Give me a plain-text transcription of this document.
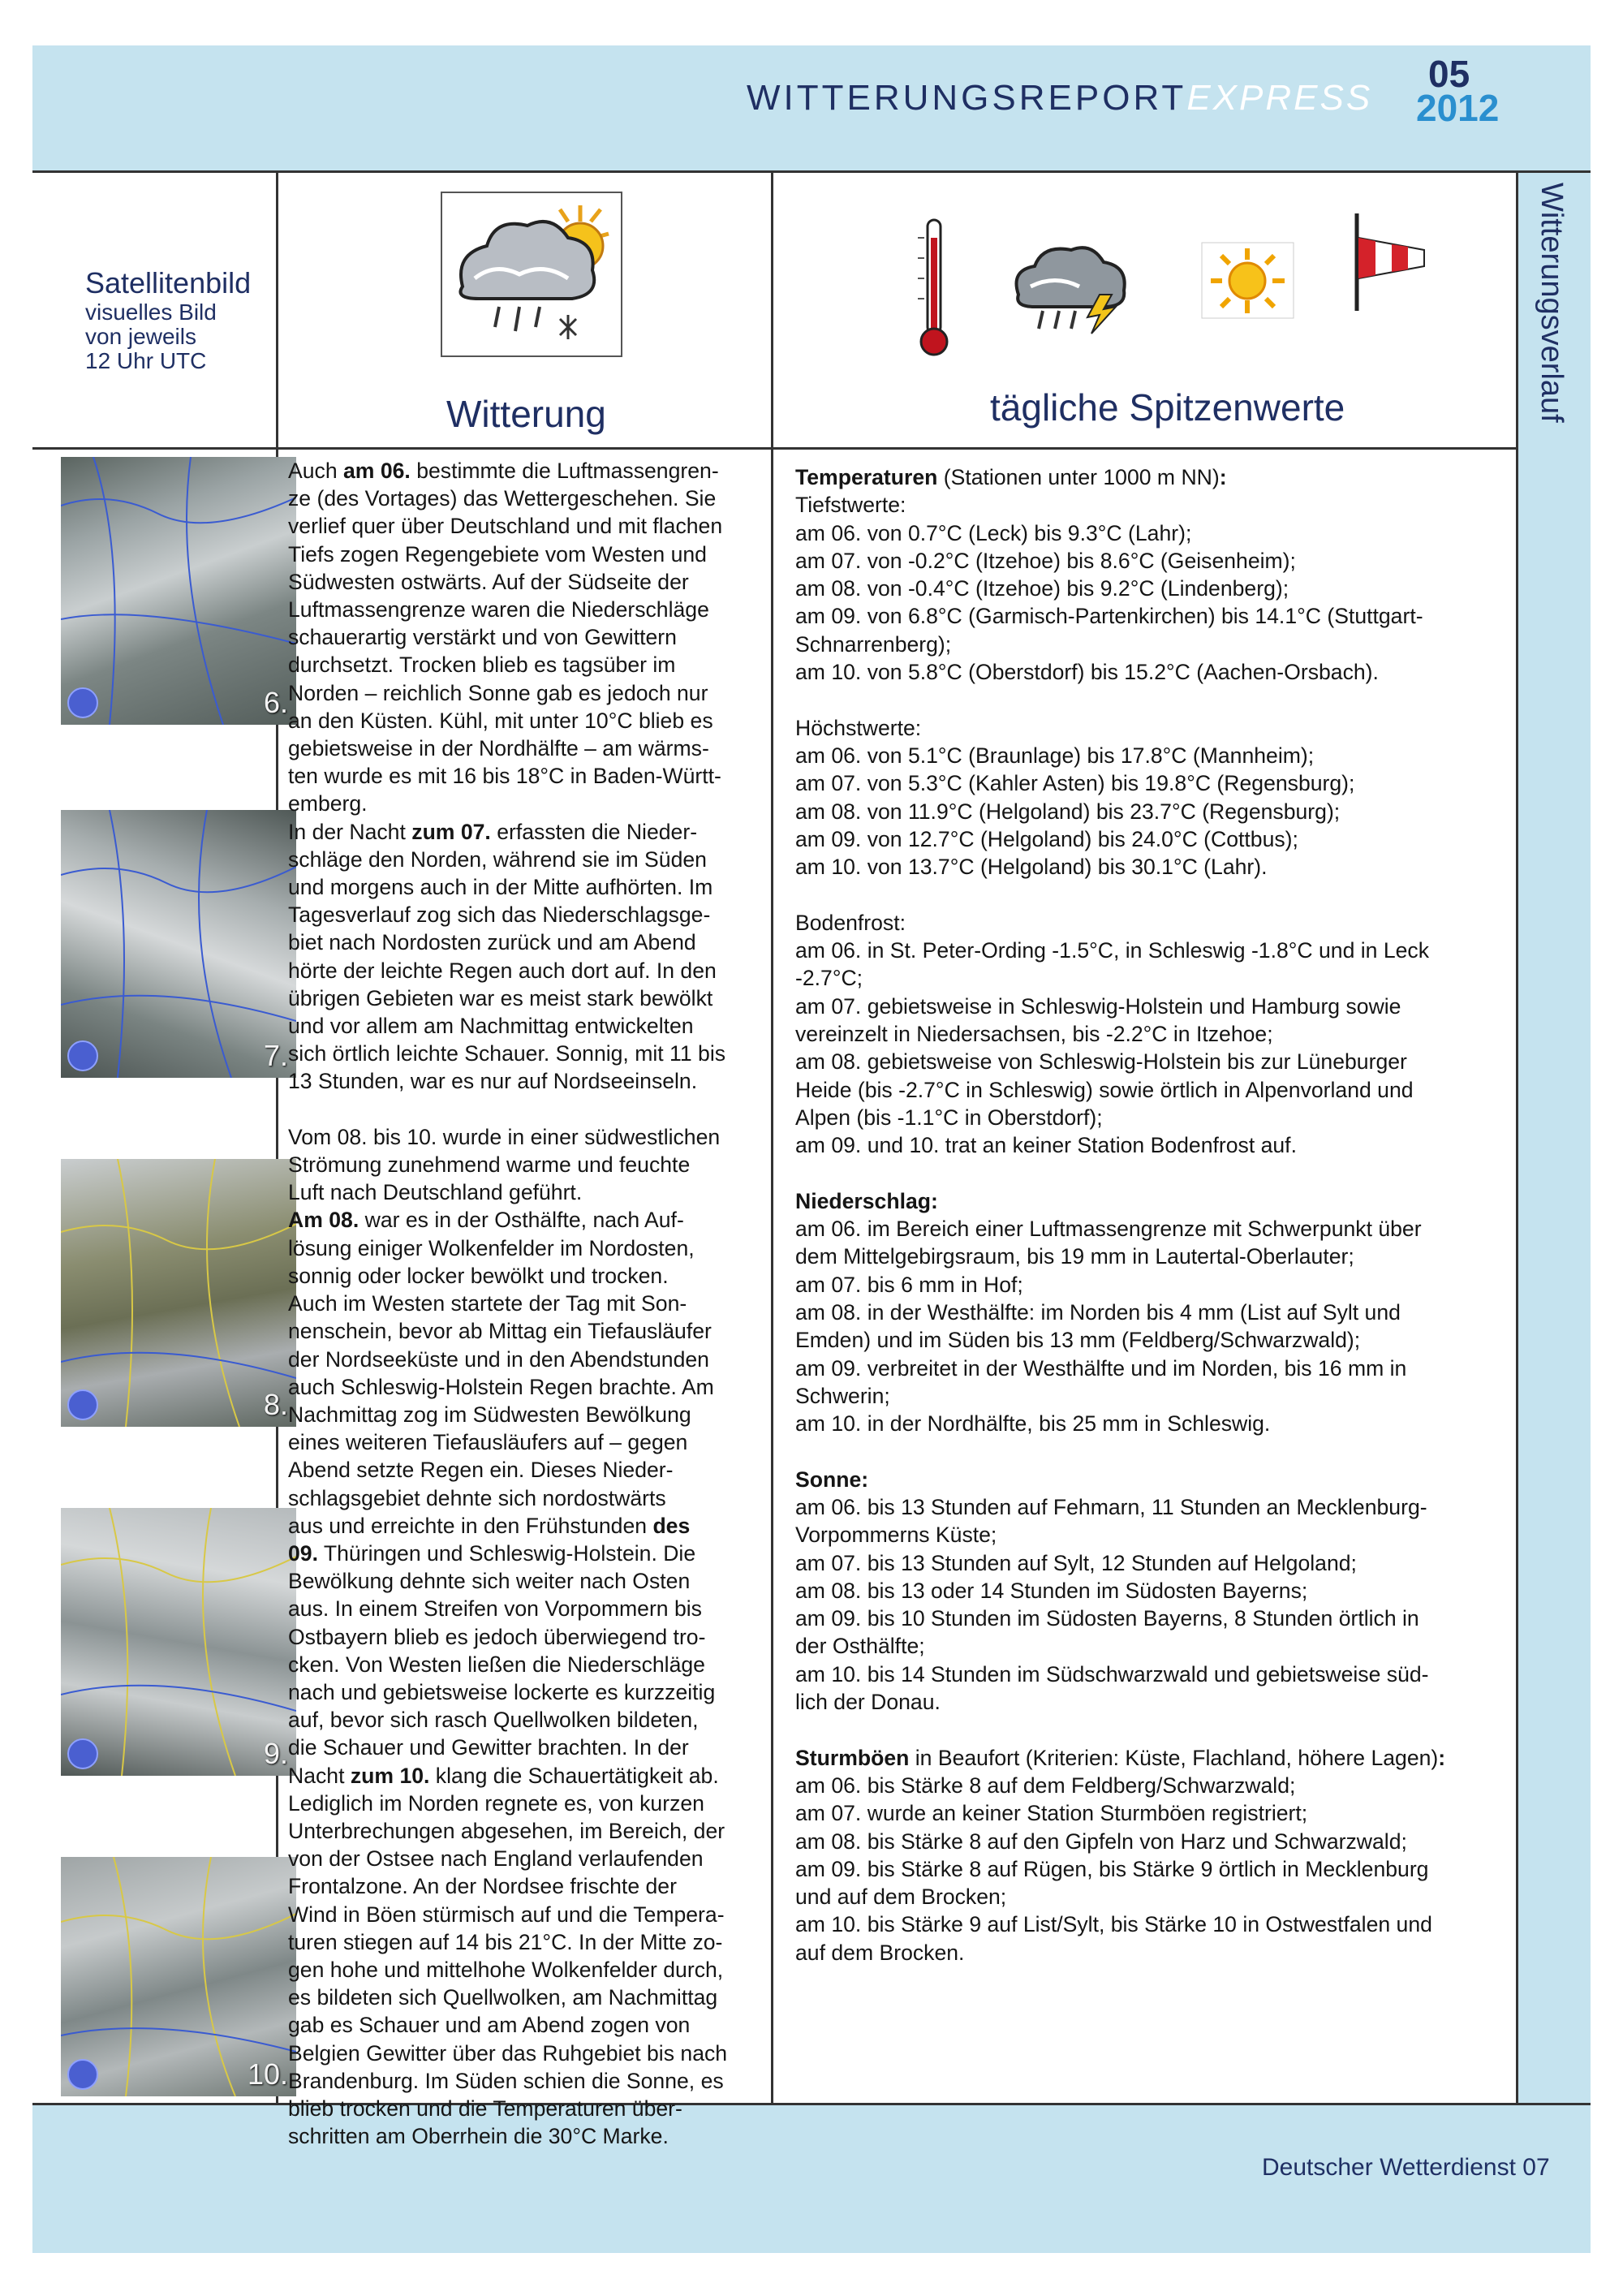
WITTERUNGSREPORTEXPRESS
05
2012
Witterungsverlauf
Satellitenbild
visuelles Bild
von jeweils
12 Uhr UTC
Witterung	tägliche Spitzenwerte
6.
7.
8.
9.
10.
Auch am 06. bestimmte die Luftmassengren-
ze (des Vortages) das Wettergeschehen. Sie
verlief quer über Deutschland und mit flachen
Tiefs zogen Regengebiete vom Westen und
Südwesten ostwärts. Auf der Südseite der
Luftmassengrenze waren die Niederschläge
schauerartig verstärkt und von Gewittern
durchsetzt. Trocken blieb es tagsüber im
Norden – reichlich Sonne gab es jedoch nur
an den Küsten. Kühl, mit unter 10°C blieb es
gebietsweise in der Nordhälfte – am wärms-
ten wurde es mit 16 bis 18°C in Baden-Württ-
emberg.
In der Nacht zum 07. erfassten die Nieder-
schläge den Norden, während sie im Süden
und morgens auch in der Mitte aufhörten. Im
Tagesverlauf zog sich das Niederschlagsge-
biet nach Nordosten zurück und am Abend
hörte der leichte Regen auch dort auf. In den
übrigen Gebieten war es meist stark bewölkt
und vor allem am Nachmittag entwickelten
sich örtlich leichte Schauer. Sonnig, mit 11 bis
13 Stunden, war es nur auf Nordseeinseln.

Vom 08. bis 10. wurde in einer südwestlichen
Strömung zunehmend warme und feuchte
Luft nach Deutschland geführt.
Am 08. war es in der Osthälfte, nach Auf-
lösung einiger Wolkenfelder im Nordosten,
sonnig oder locker bewölkt und trocken.
Auch im Westen startete der Tag mit Son-
nenschein, bevor ab Mittag ein Tiefausläufer
der Nordseeküste und in den Abendstunden
auch Schleswig-Holstein Regen brachte. Am
Nachmittag zog im Südwesten Bewölkung
eines weiteren Tiefausläufers auf – gegen
Abend setzte Regen ein. Dieses Nieder-
schlagsgebiet dehnte sich nordostwärts
aus und erreichte in den Frühstunden des
09. Thüringen und Schleswig-Holstein. Die
Bewölkung dehnte sich weiter nach Osten
aus. In einem Streifen von Vorpommern bis
Ostbayern blieb es jedoch überwiegend tro-
cken. Von Westen ließen die Niederschläge
nach und gebietsweise lockerte es kurzzeitig
auf, bevor sich rasch Quellwolken bildeten,
die Schauer und Gewitter brachten. In der
Nacht zum 10. klang die Schauertätigkeit ab.
Lediglich im Norden regnete es, von kurzen
Unterbrechungen abgesehen, im Bereich, der
von der Ostsee nach England verlaufenden
Frontalzone. An der Nordsee frischte der
Wind in Böen stürmisch auf und die Tempera-
turen stiegen auf 14 bis 21°C. In der Mitte zo-
gen hohe und mittelhohe Wolkenfelder durch,
es bildeten sich Quellwolken, am Nachmittag
gab es Schauer und am Abend zogen von
Belgien Gewitter über das Ruhgebiet bis nach
Brandenburg. Im Süden schien die Sonne, es
blieb trocken und die Temperaturen über-
schritten am Oberrhein die 30°C Marke.
Temperaturen (Stationen unter 1000 m NN):
Tiefstwerte:
am 06. von 0.7°C (Leck) bis 9.3°C (Lahr);
am 07. von -0.2°C (Itzehoe) bis 8.6°C (Geisenheim);
am 08. von -0.4°C (Itzehoe) bis 9.2°C (Lindenberg);
am 09. von 6.8°C (Garmisch-Partenkirchen) bis 14.1°C (Stuttgart-
Schnarrenberg);
am 10. von 5.8°C (Oberstdorf) bis 15.2°C (Aachen-Orsbach).
Höchstwerte:
am 06. von 5.1°C (Braunlage) bis 17.8°C (Mannheim);
am 07. von 5.3°C (Kahler Asten) bis 19.8°C (Regensburg);
am 08. von 11.9°C (Helgoland) bis 23.7°C (Regensburg);
am 09. von 12.7°C (Helgoland) bis 24.0°C (Cottbus);
am 10. von 13.7°C (Helgoland) bis 30.1°C (Lahr).
Bodenfrost:
am 06. in St. Peter-Ording -1.5°C, in Schleswig -1.8°C und in Leck
-2.7°C;
am 07. gebietsweise in Schleswig-Holstein und Hamburg sowie
vereinzelt in Niedersachsen, bis -2.2°C in Itzehoe;
am 08. gebietsweise von Schleswig-Holstein bis zur Lüneburger
Heide (bis -2.7°C in Schleswig) sowie örtlich in Alpenvorland und
Alpen (bis -1.1°C in Oberstdorf);
am 09. und 10. trat an keiner Station Bodenfrost auf.
Niederschlag:
am 06. im Bereich einer Luftmassengrenze mit Schwerpunkt über
dem Mittelgebirgsraum, bis 19 mm in Lautertal-Oberlauter;
am 07. bis 6 mm in Hof;
am 08. in der Westhälfte: im Norden bis 4 mm (List auf Sylt und
Emden) und im Süden bis 13 mm (Feldberg/Schwarzwald);
am 09. verbreitet in der Westhälfte und im Norden, bis 16 mm in
Schwerin;
am 10. in der Nordhälfte, bis 25 mm in Schleswig.
Sonne:
am 06. bis 13 Stunden auf Fehmarn, 11 Stunden an Mecklenburg-
Vorpommerns Küste;
am 07. bis 13 Stunden auf Sylt, 12 Stunden auf Helgoland;
am 08. bis 13 oder 14 Stunden im Südosten Bayerns;
am 09. bis 10 Stunden im Südosten Bayerns, 8 Stunden örtlich in
der Osthälfte;
am 10. bis 14 Stunden im Südschwarzwald und gebietsweise süd-
lich der Donau.
Sturmböen in Beaufort (Kriterien: Küste, Flachland, höhere Lagen):
am 06. bis Stärke 8 auf dem Feldberg/Schwarzwald;
am 07. wurde an keiner Station Sturmböen registriert;
am 08. bis Stärke 8 auf den Gipfeln von Harz und Schwarzwald;
am 09. bis Stärke 8 auf Rügen, bis Stärke 9 örtlich in Mecklenburg
und auf dem Brocken;
am 10. bis Stärke 9 auf List/Sylt, bis Stärke 10 in Ostwestfalen und
auf dem Brocken.
Deutscher Wetterdienst 07
